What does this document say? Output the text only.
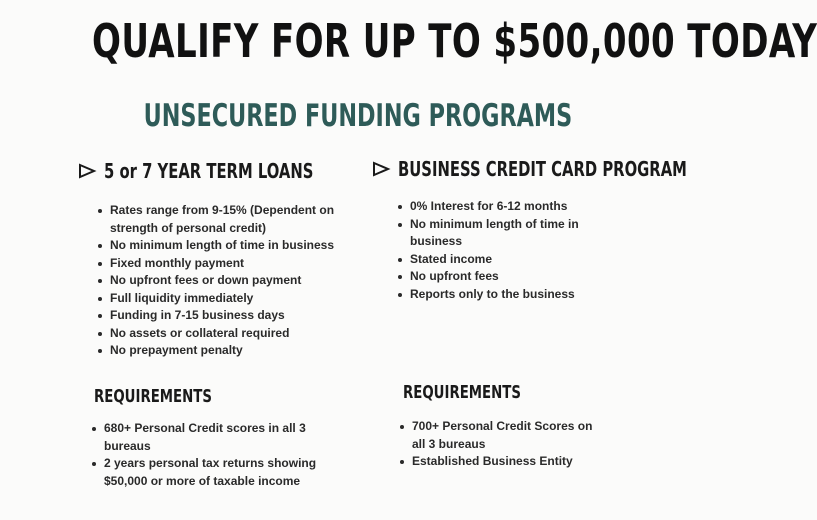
QUALIFY FOR UP TO $500,000 TODAY
UNSECURED FUNDING PROGRAMS
5 or 7 YEAR TERM LOANS	BUSINESS CREDIT CARD PROGRAM
Rates range from 9-15% (Dependent on strength of personal credit)
No minimum length of time in business
Fixed monthly payment
No upfront fees or down payment
Full liquidity immediately
Funding in 7-15 business days
No assets or collateral required
No prepayment penalty
0% Interest for 6-12 months
No minimum length of time in business
Stated income
No upfront fees
Reports only to the business
REQUIREMENTS	REQUIREMENTS
680+ Personal Credit scores in all 3 bureaus
2 years personal tax returns showing $50,000 or more of taxable income
700+ Personal Credit Scores on all 3 bureaus
Established Business Entity
